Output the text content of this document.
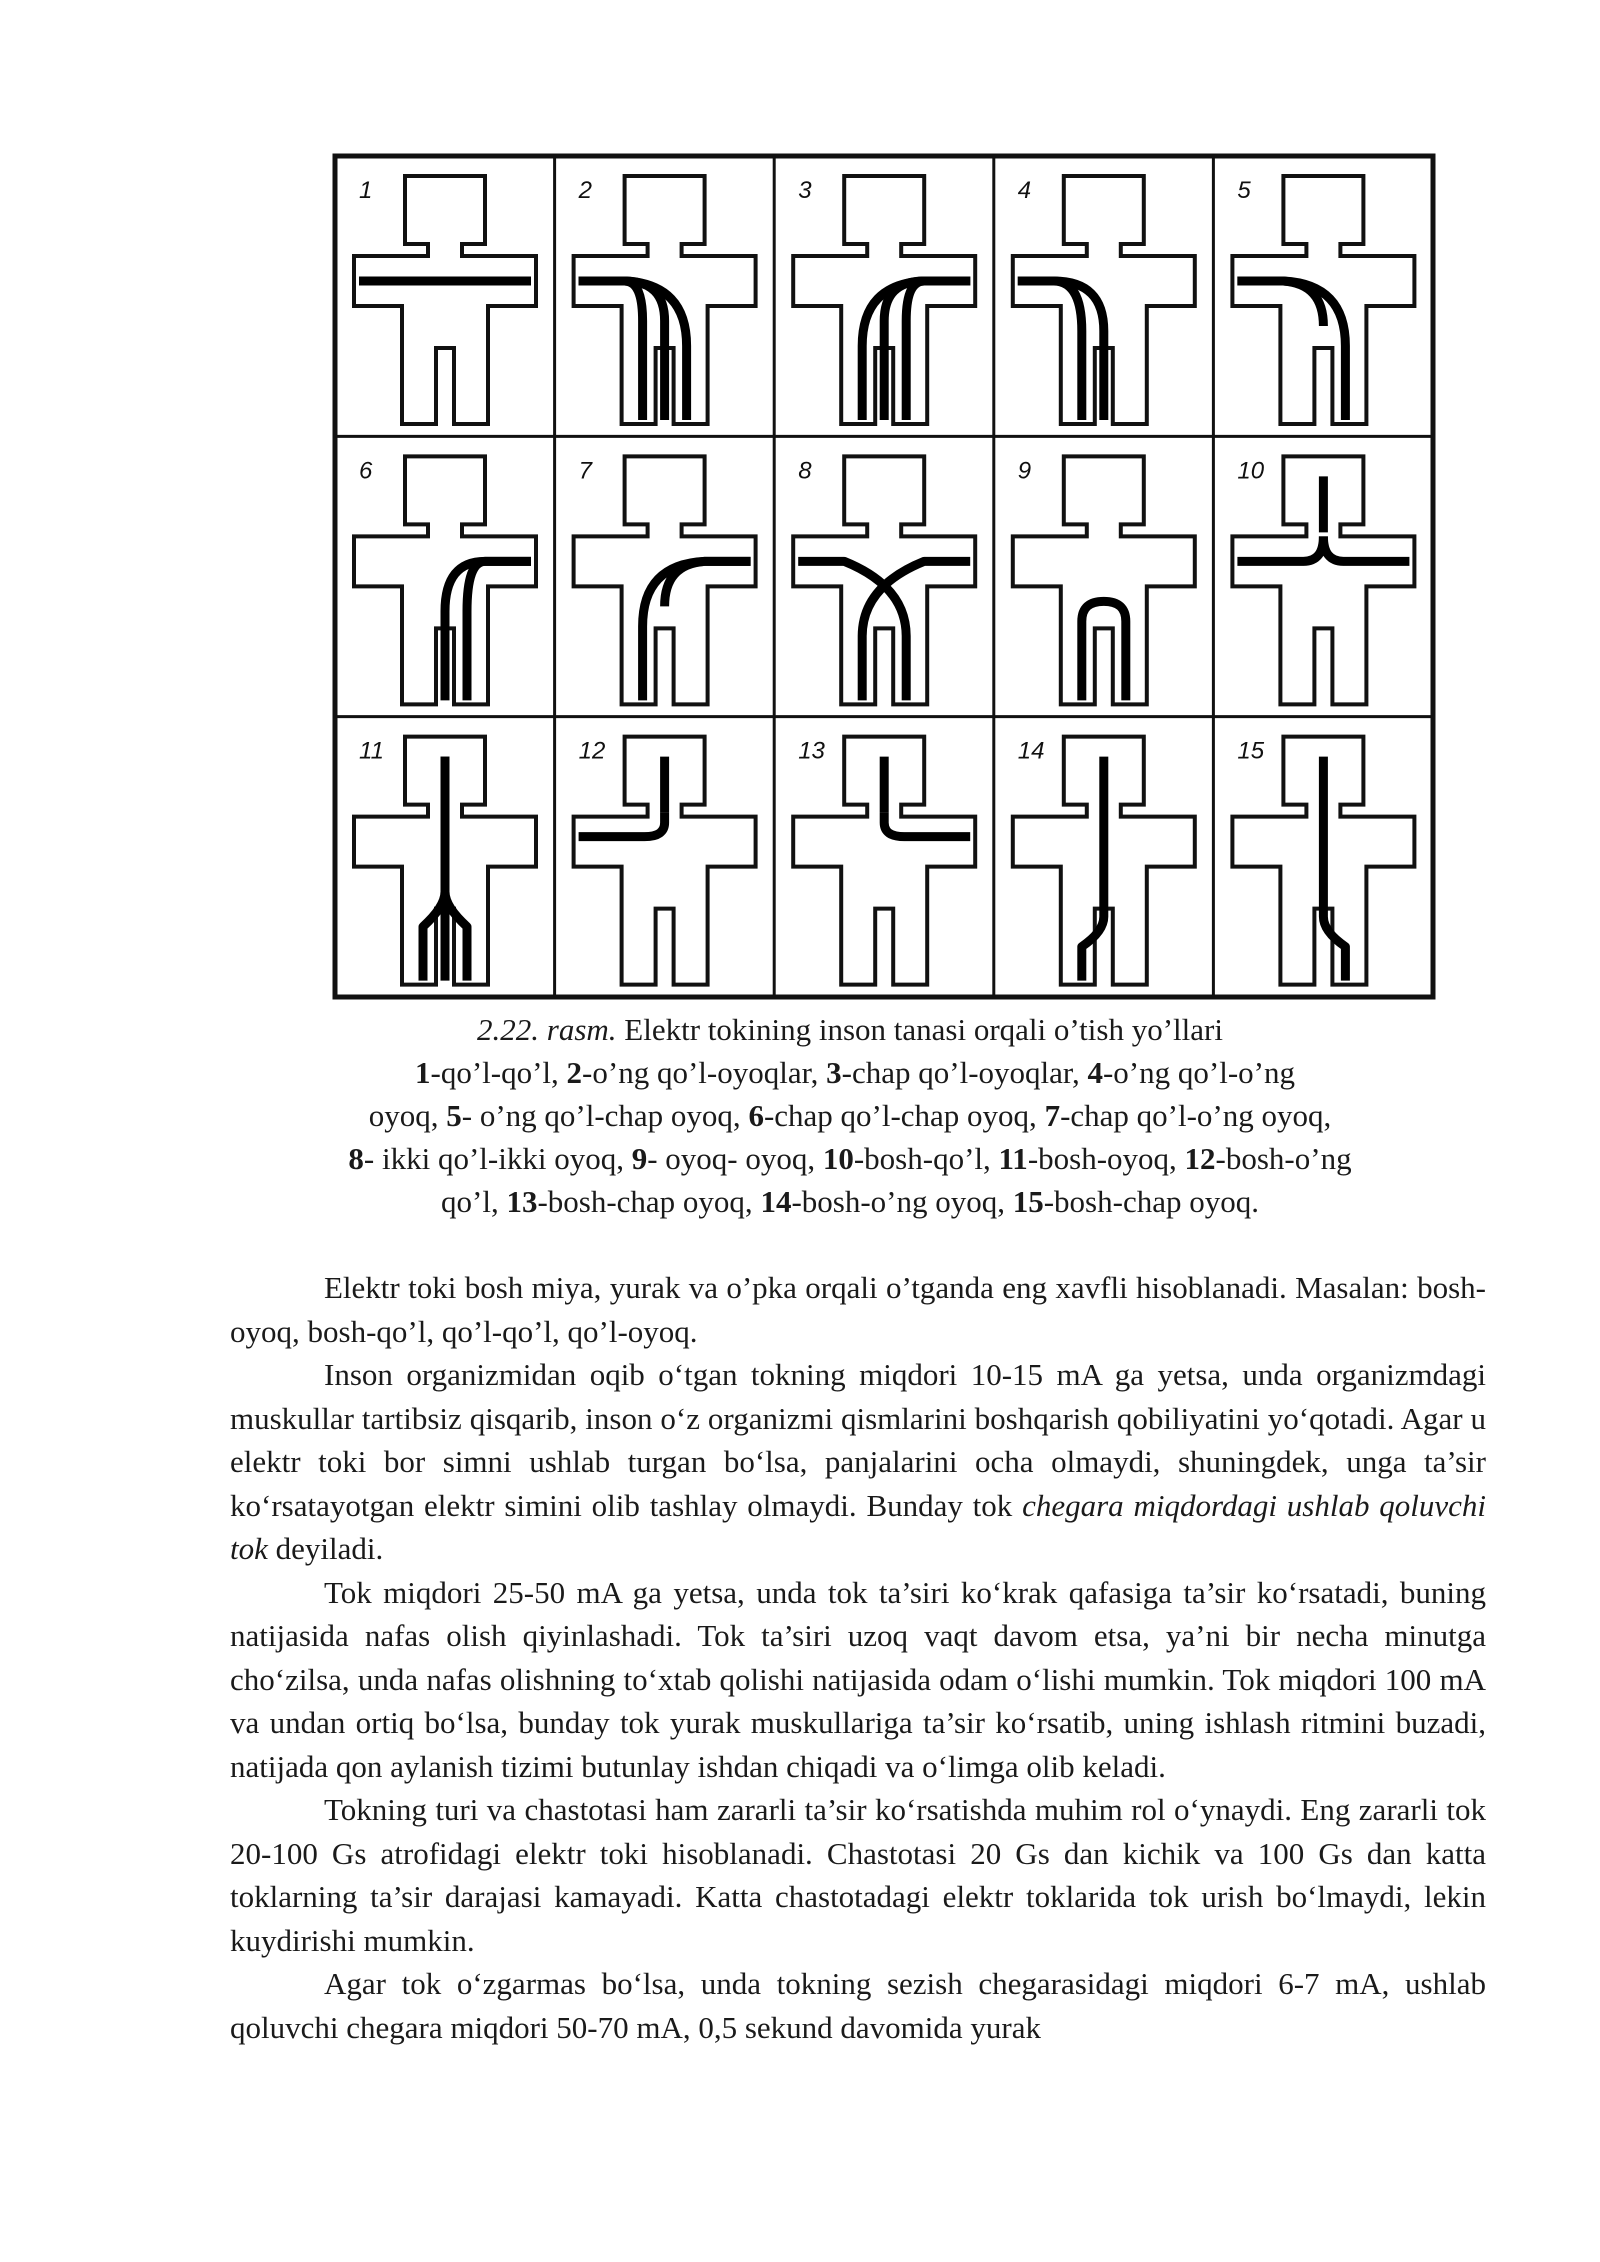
1	2	3	4	5
6	7	8	9	10
11	12	13	14	15

2.22. rasm. Elektr tokining inson tanasi orqali o’tish yo’llari

1-qo’l-qo’l, 2-o’ng qo’l-oyoqlar, 3-chap qo’l-oyoqlar, 4-o’ng qo’l-o’ng

oyoq, 5- o’ng qo’l-chap oyoq, 6-chap qo’l-chap oyoq, 7-chap qo’l-o’ng oyoq,

8- ikki qo’l-ikki oyoq, 9- oyoq- oyoq, 10-bosh-qo’l, 11-bosh-oyoq, 12-bosh-o’ng

qo’l, 13-bosh-chap oyoq, 14-bosh-o’ng oyoq, 15-bosh-chap oyoq.

Elektr toki bosh miya, yurak va o’pka orqali o’tganda eng xavfli hisoblanadi. Masalan: bosh-oyoq, bosh-qo’l, qo’l-qo’l, qo’l-oyoq.

Inson organizmidan oqib o‘tgan tokning miqdori 10-15 mA ga yetsa, unda organizmdagi muskullar tartibsiz qisqarib, inson o‘z organizmi qismlarini boshqarish qobiliyatini yo‘qotadi. Agar u elektr toki bor simni ushlab turgan bo‘lsa, panjalarini ocha olmaydi, shuningdek, unga ta’sir ko‘rsatayotgan elektr simini olib tashlay olmaydi. Bunday tok chegara miqdordagi ushlab qoluvchi tok deyiladi.

Tok miqdori 25-50 mA ga yetsa, unda tok ta’siri ko‘krak qafasiga ta’sir ko‘rsatadi, buning natijasida nafas olish qiyinlashadi. Tok ta’siri uzoq vaqt davom etsa, ya’ni bir necha minutga cho‘zilsa, unda nafas olishning to‘xtab qolishi natijasida odam o‘lishi mumkin. Tok miqdori 100 mA va undan ortiq bo‘lsa, bunday tok yurak muskullariga ta’sir ko‘rsatib, uning ishlash ritmini buzadi, natijada qon aylanish tizimi butunlay ishdan chiqadi va o‘limga olib keladi.

Tokning turi va chastotasi ham zararli ta’sir ko‘rsatishda muhim rol o‘ynaydi. Eng zararli tok 20-100 Gs atrofidagi elektr toki hisoblanadi. Chastotasi 20 Gs dan kichik va 100 Gs dan katta toklarning ta’sir darajasi kamayadi. Katta chastotadagi elektr toklarida tok urish bo‘lmaydi, lekin kuydirishi mumkin.

Agar tok o‘zgarmas bo‘lsa, unda tokning sezish chegarasidagi miqdori 6-7 mA, ushlab qoluvchi chegara miqdori 50-70 mA, 0,5 sekund davomida yurak
